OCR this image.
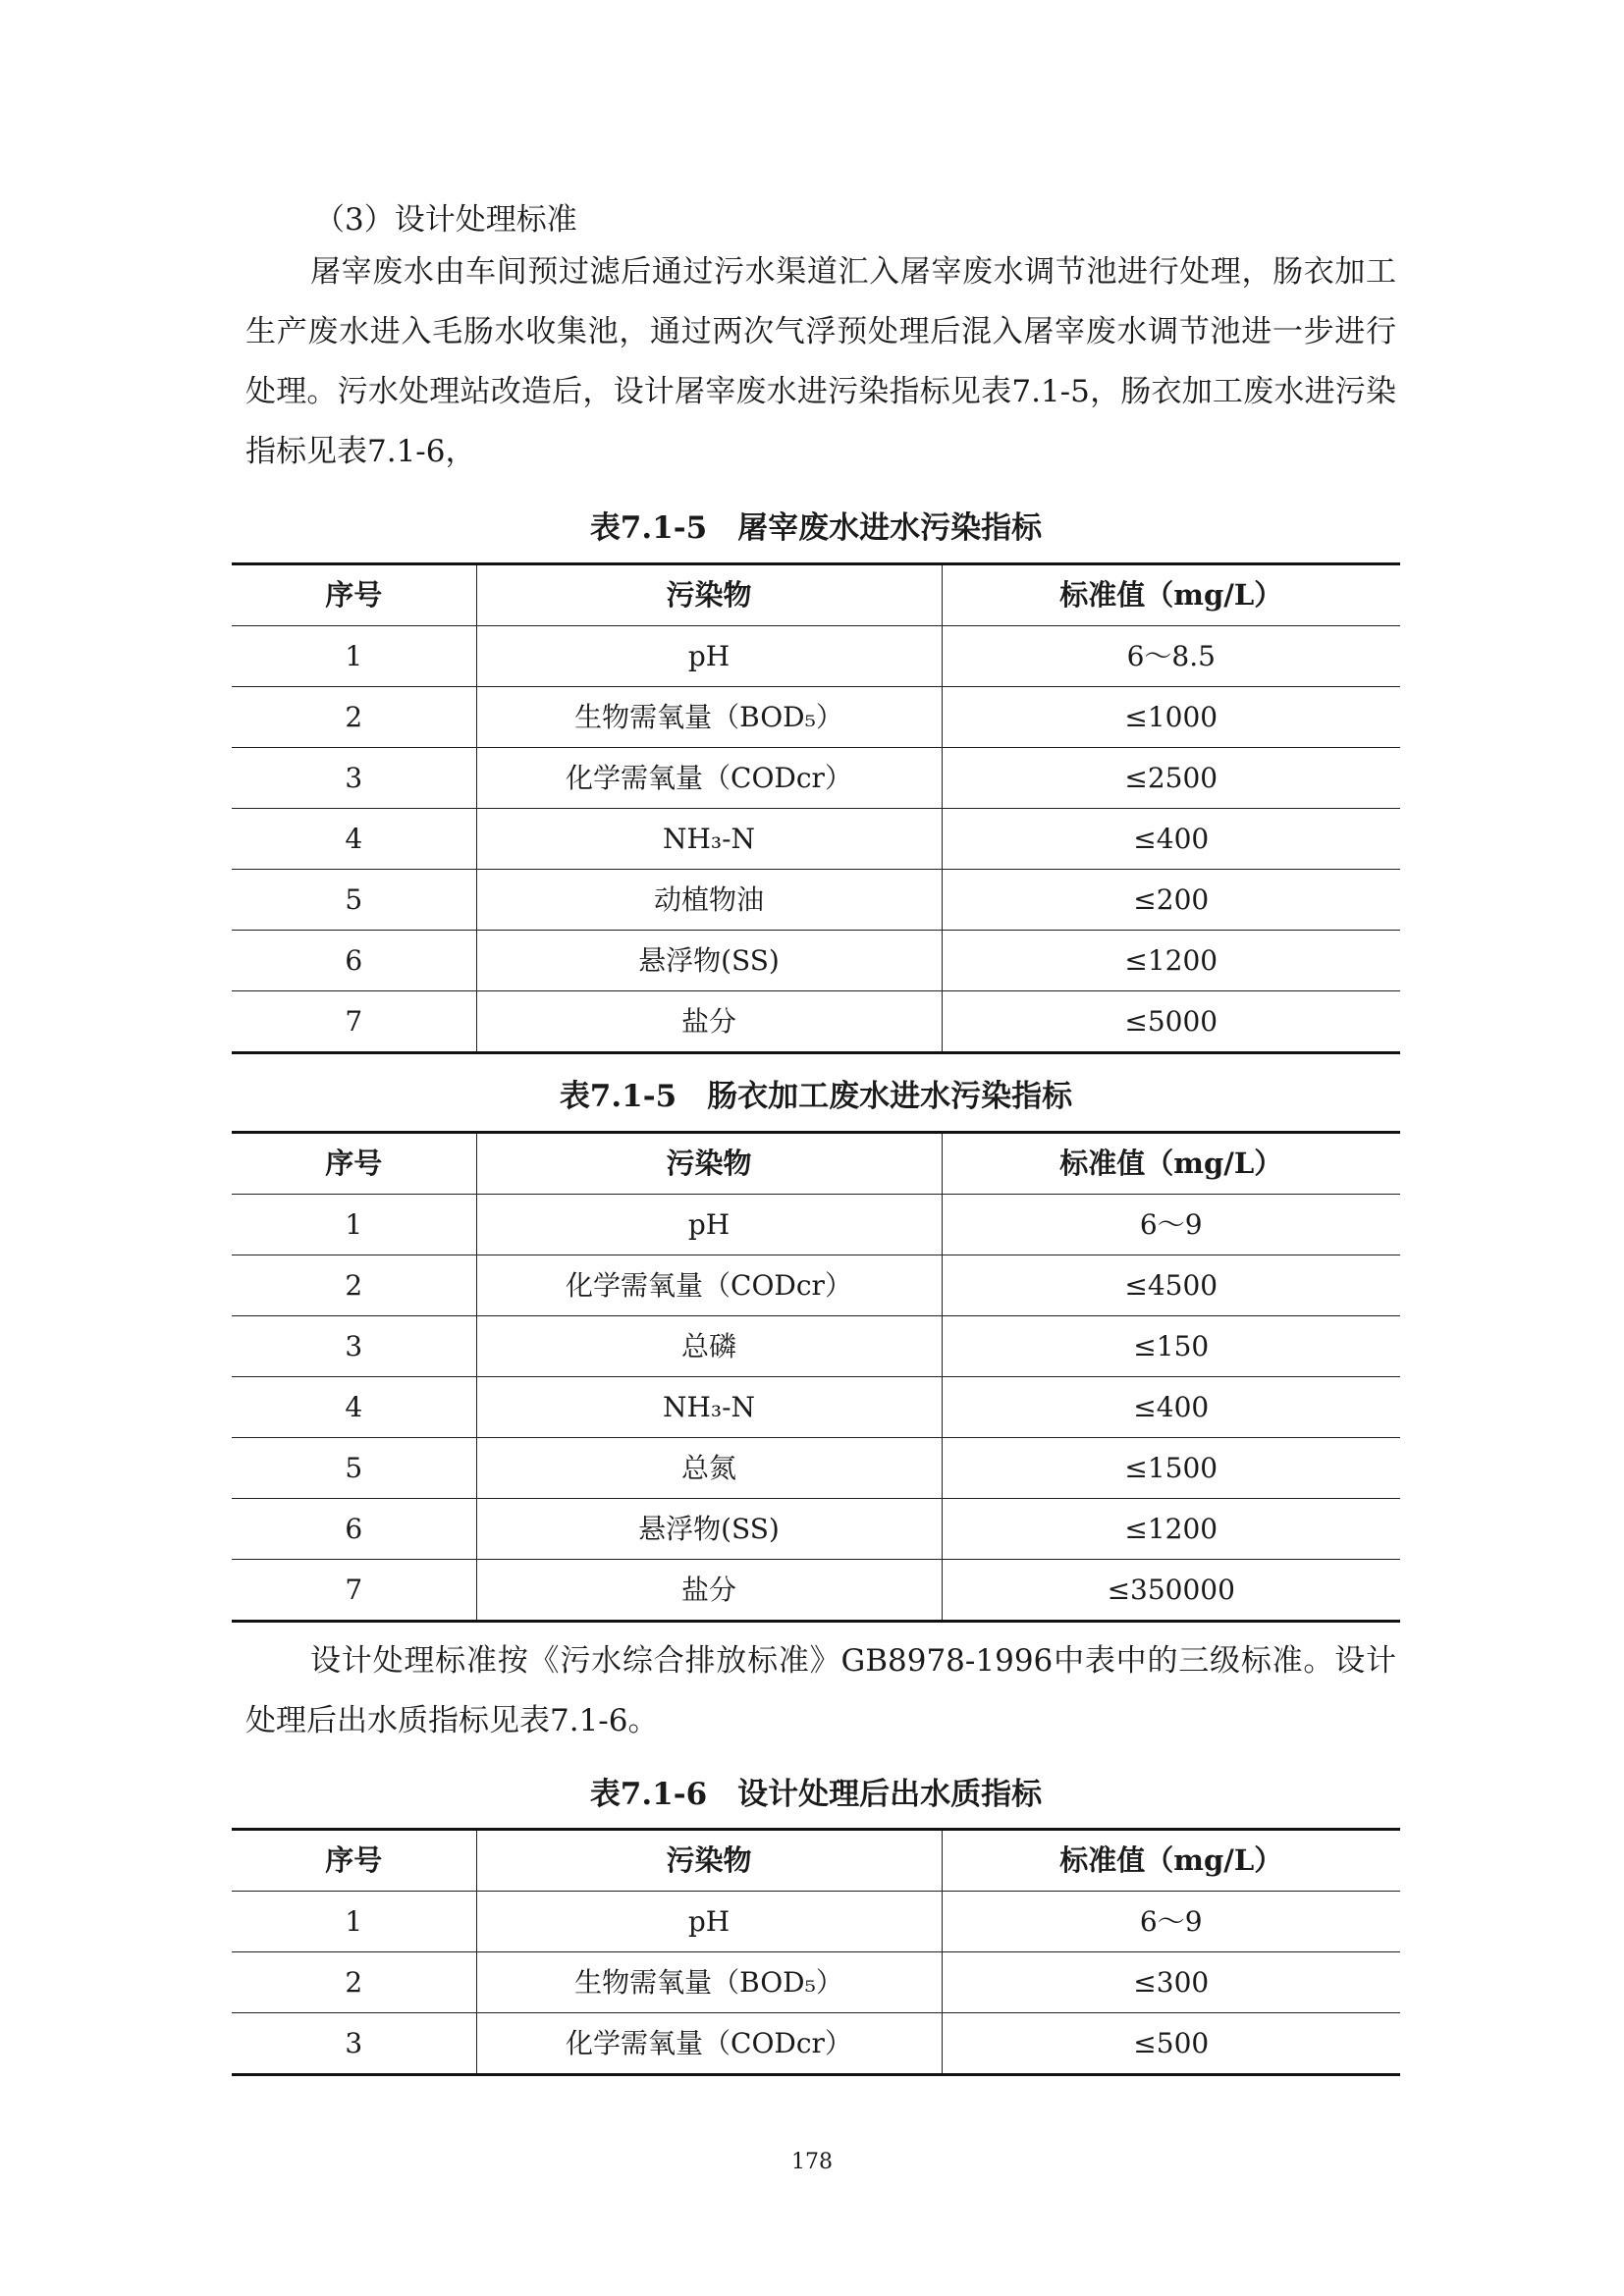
（3）设计处理标准
屠宰废水由车间预过滤后通过污水渠道汇入屠宰废水调节池进行处理，肠衣加工生产废水进入毛肠水收集池，通过两次气浮预处理后混入屠宰废水调节池进一步进行处理。污水处理站改造后，设计屠宰废水进污染指标见表7.1-5，肠衣加工废水进污染指标见表7.1-6，
表7.1-5　屠宰废水进水污染指标
序号	污染物	标准值（mg/L）
1	pH	6～8.5
2	生物需氧量（BOD₅）	≤1000
3	化学需氧量（CODcr）	≤2500
4	NH₃-N	≤400
5	动植物油	≤200
6	悬浮物(SS)	≤1200
7	盐分	≤5000
表7.1-5　肠衣加工废水进水污染指标
序号	污染物	标准值（mg/L）
1	pH	6～9
2	化学需氧量（CODcr）	≤4500
3	总磷	≤150
4	NH₃-N	≤400
5	总氮	≤1500
6	悬浮物(SS)	≤1200
7	盐分	≤350000
设计处理标准按《污水综合排放标准》GB8978-1996中表中的三级标准。设计处理后出水质指标见表7.1-6。
表7.1-6　设计处理后出水质指标
序号	污染物	标准值（mg/L）
1	pH	6～9
2	生物需氧量（BOD₅）	≤300
3	化学需氧量（CODcr）	≤500
178
